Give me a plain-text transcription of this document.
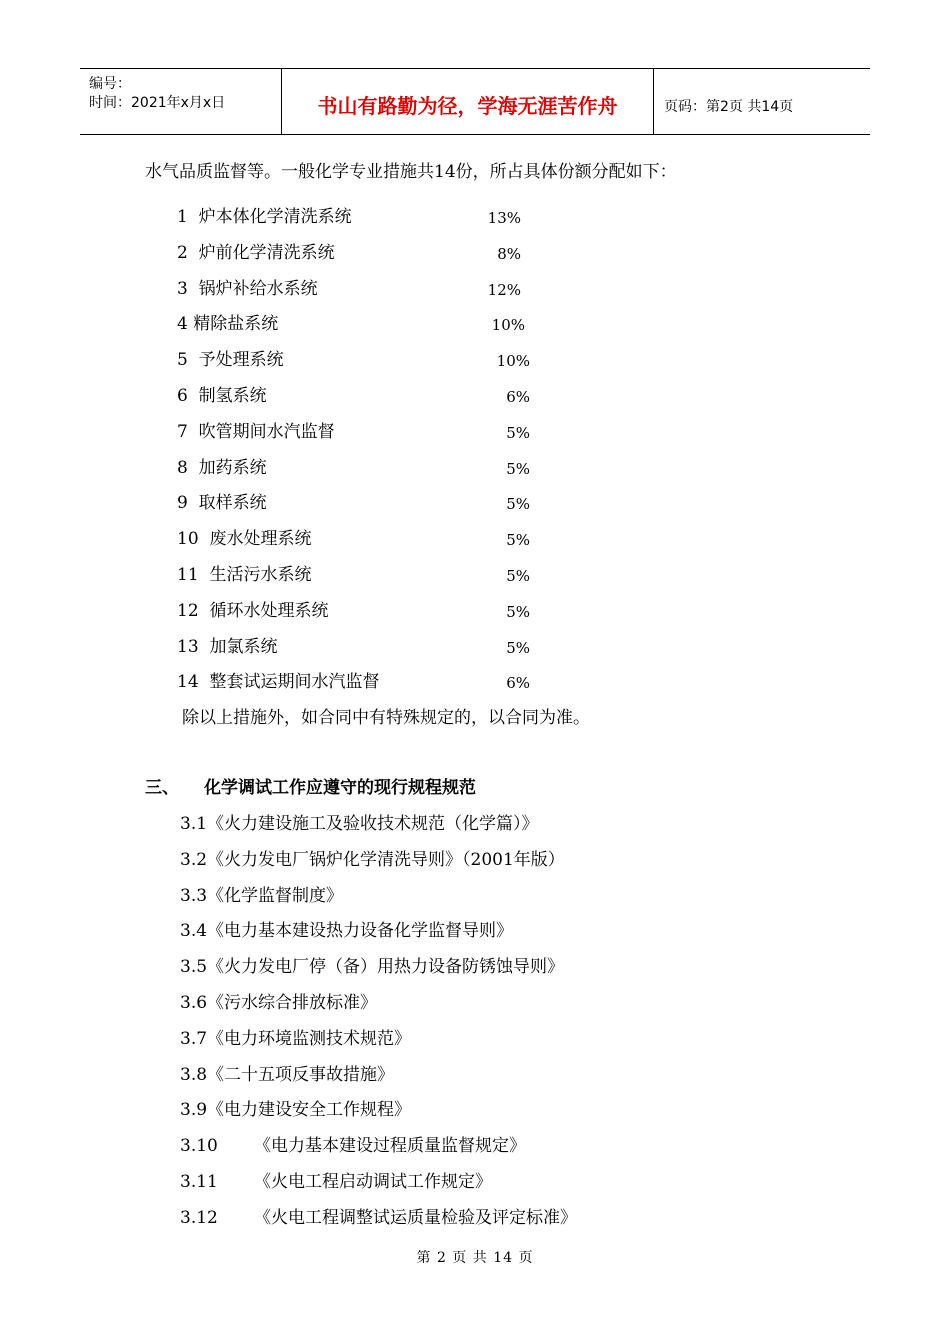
编号：
时间：2021年x月x日	书山有路勤为径，学海无涯苦作舟	页码：第2页 共14页
水气品质监督等。一般化学专业措施共14份，所占具体份额分配如下：
1  炉本体化学清洗系统	13%
2  炉前化学清洗系统	8%
3  锅炉补给水系统	12%
4 精除盐系统	10%
5  予处理系统	10%
6  制氢系统	6%
7  吹管期间水汽监督	5%
8  加药系统	5%
9  取样系统	5%
10  废水处理系统	5%
11  生活污水系统	5%
12  循环水处理系统	5%
13  加氯系统	5%
14  整套试运期间水汽监督	6%
除以上措施外，如合同中有特殊规定的，以合同为准。
三、 化学调试工作应遵守的现行规程规范
3.1《火力建设施工及验收技术规范（化学篇）》
3.2《火力发电厂锅炉化学清洗导则》（2001年版）
3.3《化学监督制度》
3.4《电力基本建设热力设备化学监督导则》
3.5《火力发电厂停（备）用热力设备防锈蚀导则》
3.6《污水综合排放标准》
3.7《电力环境监测技术规范》
3.8《二十五项反事故措施》
3.9《电力建设安全工作规程》
3.10 《电力基本建设过程质量监督规定》
3.11 《火电工程启动调试工作规定》
3.12 《火电工程调整试运质量检验及评定标准》
第 2 页 共 14 页
